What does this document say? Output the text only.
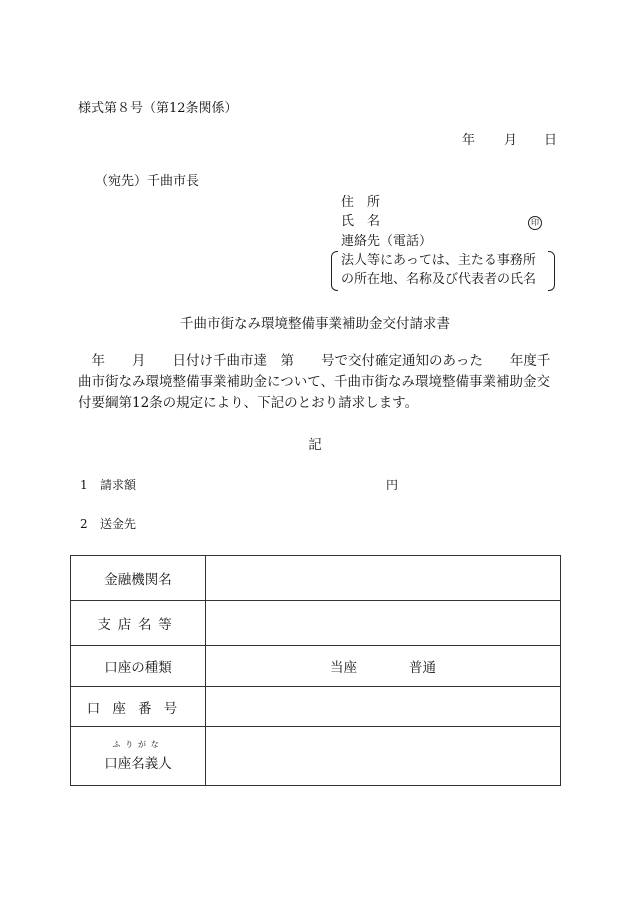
様式第８号（第12条関係）
年 月 日
（宛先）千曲市長
住　所
氏　名	印
連絡先（電話）
法人等にあっては、主たる事務所
の所在地、名称及び代表者の氏名
千曲市街なみ環境整備事業補助金交付請求書
　年　　月　　日付け千曲市達　第　　号で交付確定通知のあった　　年度千
曲市街なみ環境整備事業補助金について、千曲市街なみ環境整備事業補助金交
付要綱第12条の規定により、下記のとおり請求します。
記
1 請求額	円
2 送金先
金融機関名	
支店名等	
口座の種類	当座 普通
口座番号	

ふりがな
口座名義人	
